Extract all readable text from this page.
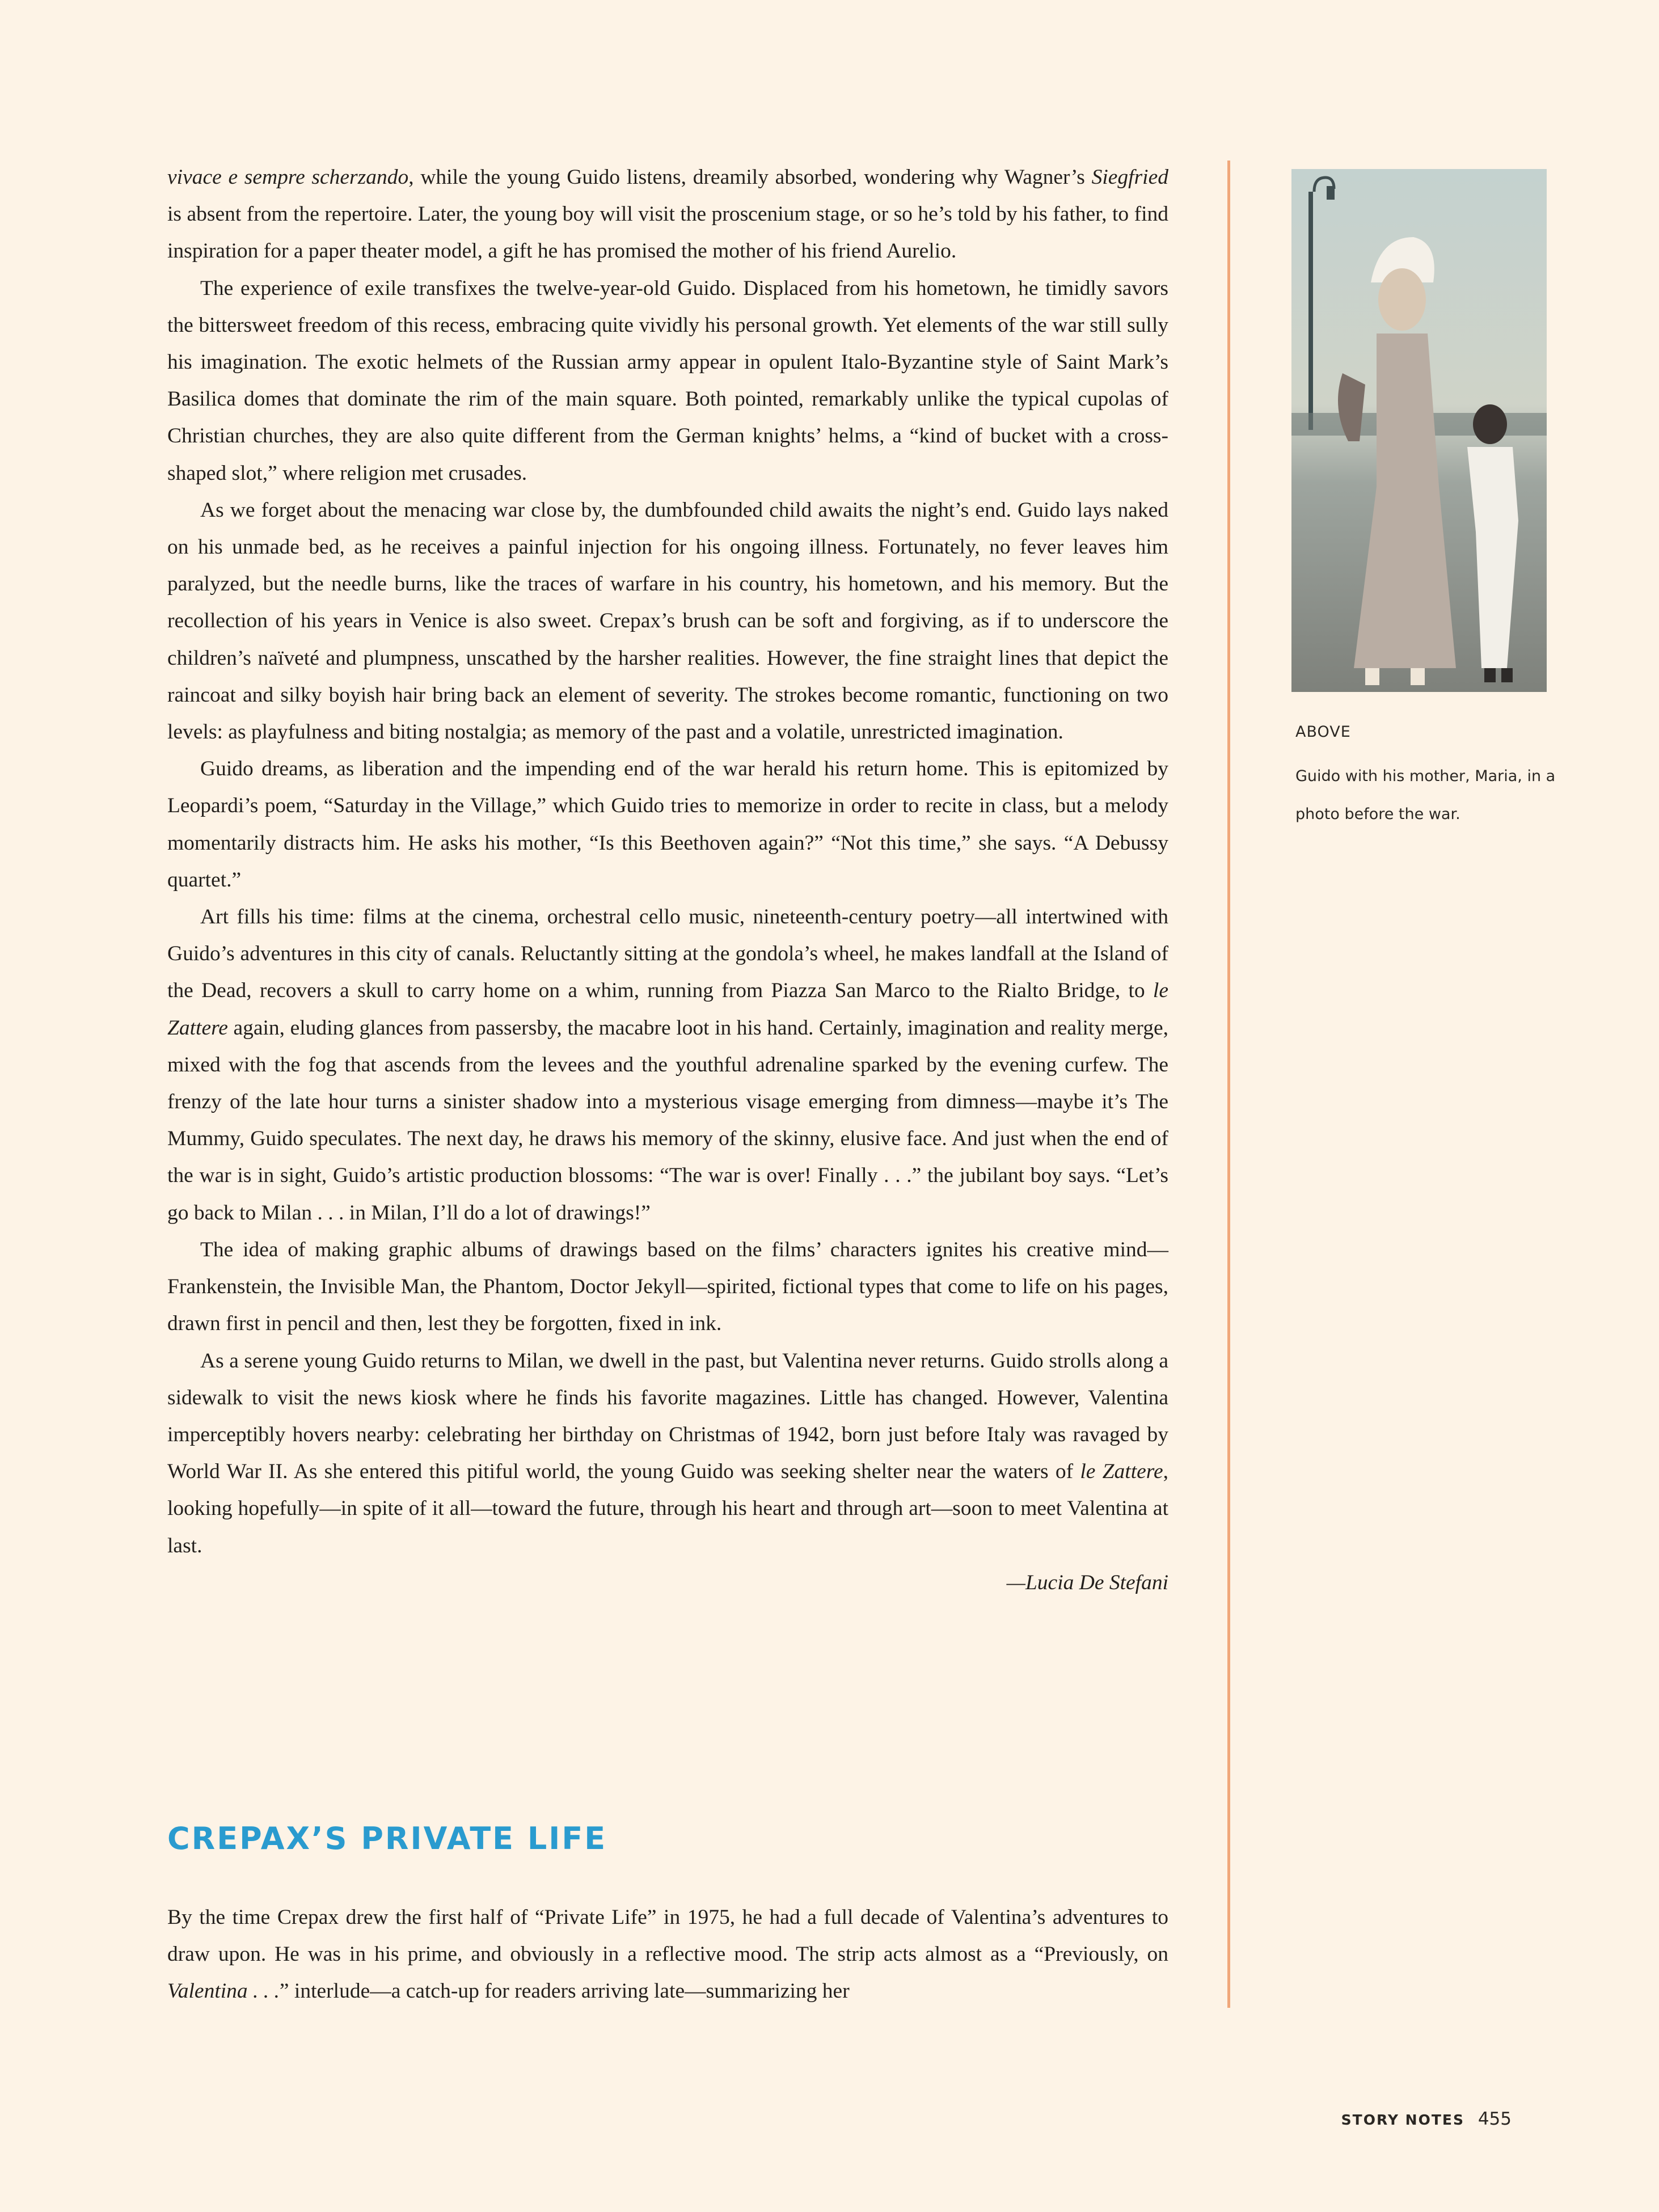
vivace e sempre scherzando, while the young Guido listens, dreamily absorbed, wondering why Wagner’s Siegfried is absent from the repertoire. Later, the young boy will visit the proscenium stage, or so he’s told by his father, to find inspiration for a paper theater model, a gift he has promised the mother of his friend Aurelio.

The experience of exile transfixes the twelve-year-old Guido. Displaced from his hometown, he timidly savors the bittersweet freedom of this recess, embracing quite vividly his personal growth. Yet elements of the war still sully his imagination. The exotic helmets of the Russian army appear in opulent Italo-Byzantine style of Saint Mark’s Basilica domes that dominate the rim of the main square. Both pointed, remarkably unlike the typical cupolas of Christian churches, they are also quite different from the German knights’ helms, a “kind of bucket with a cross-shaped slot,” where religion met crusades.

As we forget about the menacing war close by, the dumbfounded child awaits the night’s end. Guido lays naked on his unmade bed, as he receives a painful injection for his ongoing illness. Fortunately, no fever leaves him paralyzed, but the needle burns, like the traces of warfare in his country, his hometown, and his memory. But the recollection of his years in Venice is also sweet. Crepax’s brush can be soft and forgiving, as if to underscore the children’s naïveté and plumpness, unscathed by the harsher realities. However, the fine straight lines that depict the raincoat and silky boyish hair bring back an element of severity. The strokes become romantic, functioning on two levels: as playfulness and biting nostalgia; as memory of the past and a volatile, unrestricted imagination.

Guido dreams, as liberation and the impending end of the war herald his return home. This is epitomized by Leopardi’s poem, “Saturday in the Village,” which Guido tries to memorize in order to recite in class, but a melody momentarily distracts him. He asks his mother, “Is this Beethoven again?” “Not this time,” she says. “A Debussy quartet.”

Art fills his time: films at the cinema, orchestral cello music, nineteenth-century poetry—all intertwined with Guido’s adventures in this city of canals. Reluctantly sitting at the gondola’s wheel, he makes landfall at the Island of the Dead, recovers a skull to carry home on a whim, running from Piazza San Marco to the Rialto Bridge, to le Zattere again, eluding glances from passersby, the macabre loot in his hand. Certainly, imagination and reality merge, mixed with the fog that ascends from the levees and the youthful adrenaline sparked by the evening curfew. The frenzy of the late hour turns a sinister shadow into a mysterious visage emerging from dimness—maybe it’s The Mummy, Guido speculates. The next day, he draws his memory of the skinny, elusive face. And just when the end of the war is in sight, Guido’s artistic production blossoms: “The war is over! Finally . . .” the jubilant boy says. “Let’s go back to Milan . . . in Milan, I’ll do a lot of drawings!”

The idea of making graphic albums of drawings based on the films’ characters ignites his creative mind—Frankenstein, the Invisible Man, the Phantom, Doctor Jekyll—spirited, fictional types that come to life on his pages, drawn first in pencil and then, lest they be forgotten, fixed in ink.

As a serene young Guido returns to Milan, we dwell in the past, but Valentina never returns. Guido strolls along a sidewalk to visit the news kiosk where he finds his favorite magazines. Little has changed. However, Valentina imperceptibly hovers nearby: celebrating her birthday on Christmas of 1942, born just before Italy was ravaged by World War II. As she entered this pitiful world, the young Guido was seeking shelter near the waters of le Zattere, looking hopefully—in spite of it all—toward the future, through his heart and through art—soon to meet Valentina at last.

—Lucia De Stefani

CREPAX’S PRIVATE LIFE

By the time Crepax drew the first half of “Private Life” in 1975, he had a full decade of Valentina’s adventures to draw upon. He was in his prime, and obviously in a reflective mood. The strip acts almost as a “Previously, on Valentina . . .” interlude—a catch-up for readers arriving late—summarizing her

ABOVE

Guido with his mother, Maria, in a photo before the war.

STORY NOTES 455
